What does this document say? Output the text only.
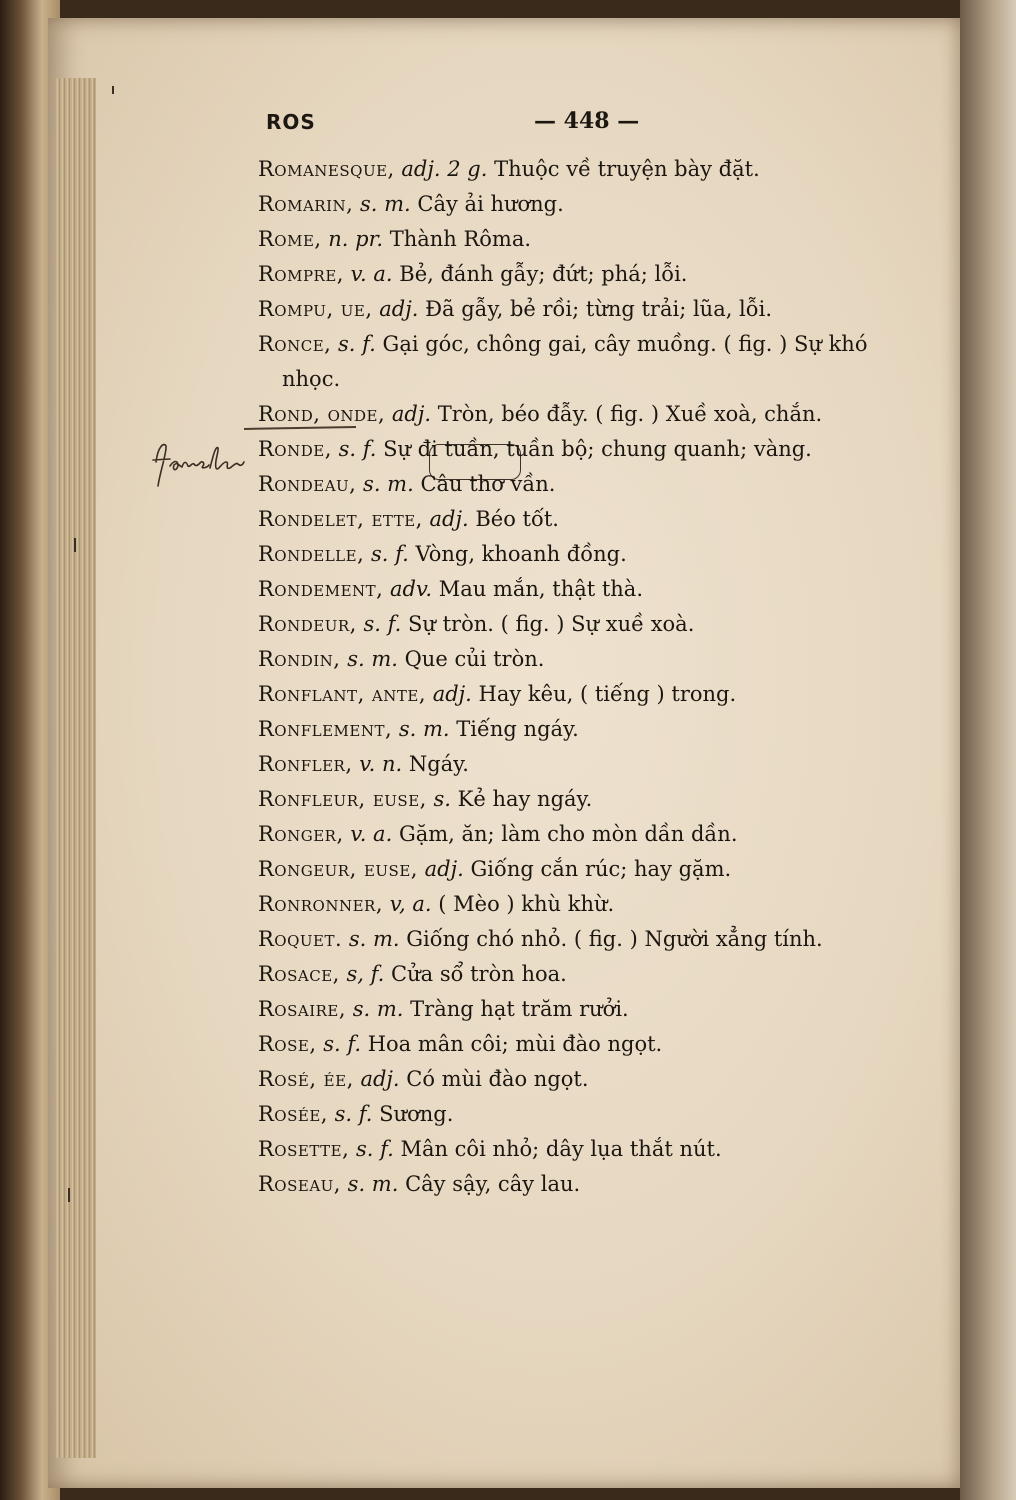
ROS	— 448 —
Romanesque, adj. 2 g. Thuộc về truyện bày đặt.
Romarin, s. m. Cây ải hương.
Rome, n. pr. Thành Rôma.
Rompre, v. a. Bẻ, đánh gẫy; đứt; phá; lỗi.
Rompu, ue, adj. Đã gẫy, bẻ rồi; từng trải; lũa, lỗi.
Ronce, s. f. Gại góc, chông gai, cây muồng. ( fig. ) Sự khó
nhọc.
Rond, onde, adj. Tròn, béo đẫy. ( fig. ) Xuề xoà, chắn.
Ronde, s. f. Sự đi tuần, tuần bộ; chung quanh; vàng.
Rondeau, s. m. Câu thơ vần.
Rondelet, ette, adj. Béo tốt.
Rondelle, s. f. Vòng, khoanh đồng.
Rondement, adv. Mau mắn, thật thà.
Rondeur, s. f. Sự tròn. ( fig. ) Sự xuề xoà.
Rondin, s. m. Que củi tròn.
Ronflant, ante, adj. Hay kêu, ( tiếng ) trong.
Ronflement, s. m. Tiếng ngáy.
Ronfler, v. n. Ngáy.
Ronfleur, euse, s. Kẻ hay ngáy.
Ronger, v. a. Gặm, ăn; làm cho mòn dần dần.
Rongeur, euse, adj. Giống cắn rúc; hay gặm.
Ronronner, v, a. ( Mèo ) khù khừ.
Roquet. s. m. Giống chó nhỏ. ( fig. ) Người xẳng tính.
Rosace, s, f. Cửa sổ tròn hoa.
Rosaire, s. m. Tràng hạt trăm rưởi.
Rose, s. f. Hoa mân côi; mùi đào ngọt.
Rosé, ée, adj. Có mùi đào ngọt.
Rosée, s. f. Sương.
Rosette, s. f. Mân côi nhỏ; dây lụa thắt nút.
Roseau, s. m. Cây sậy, cây lau.
